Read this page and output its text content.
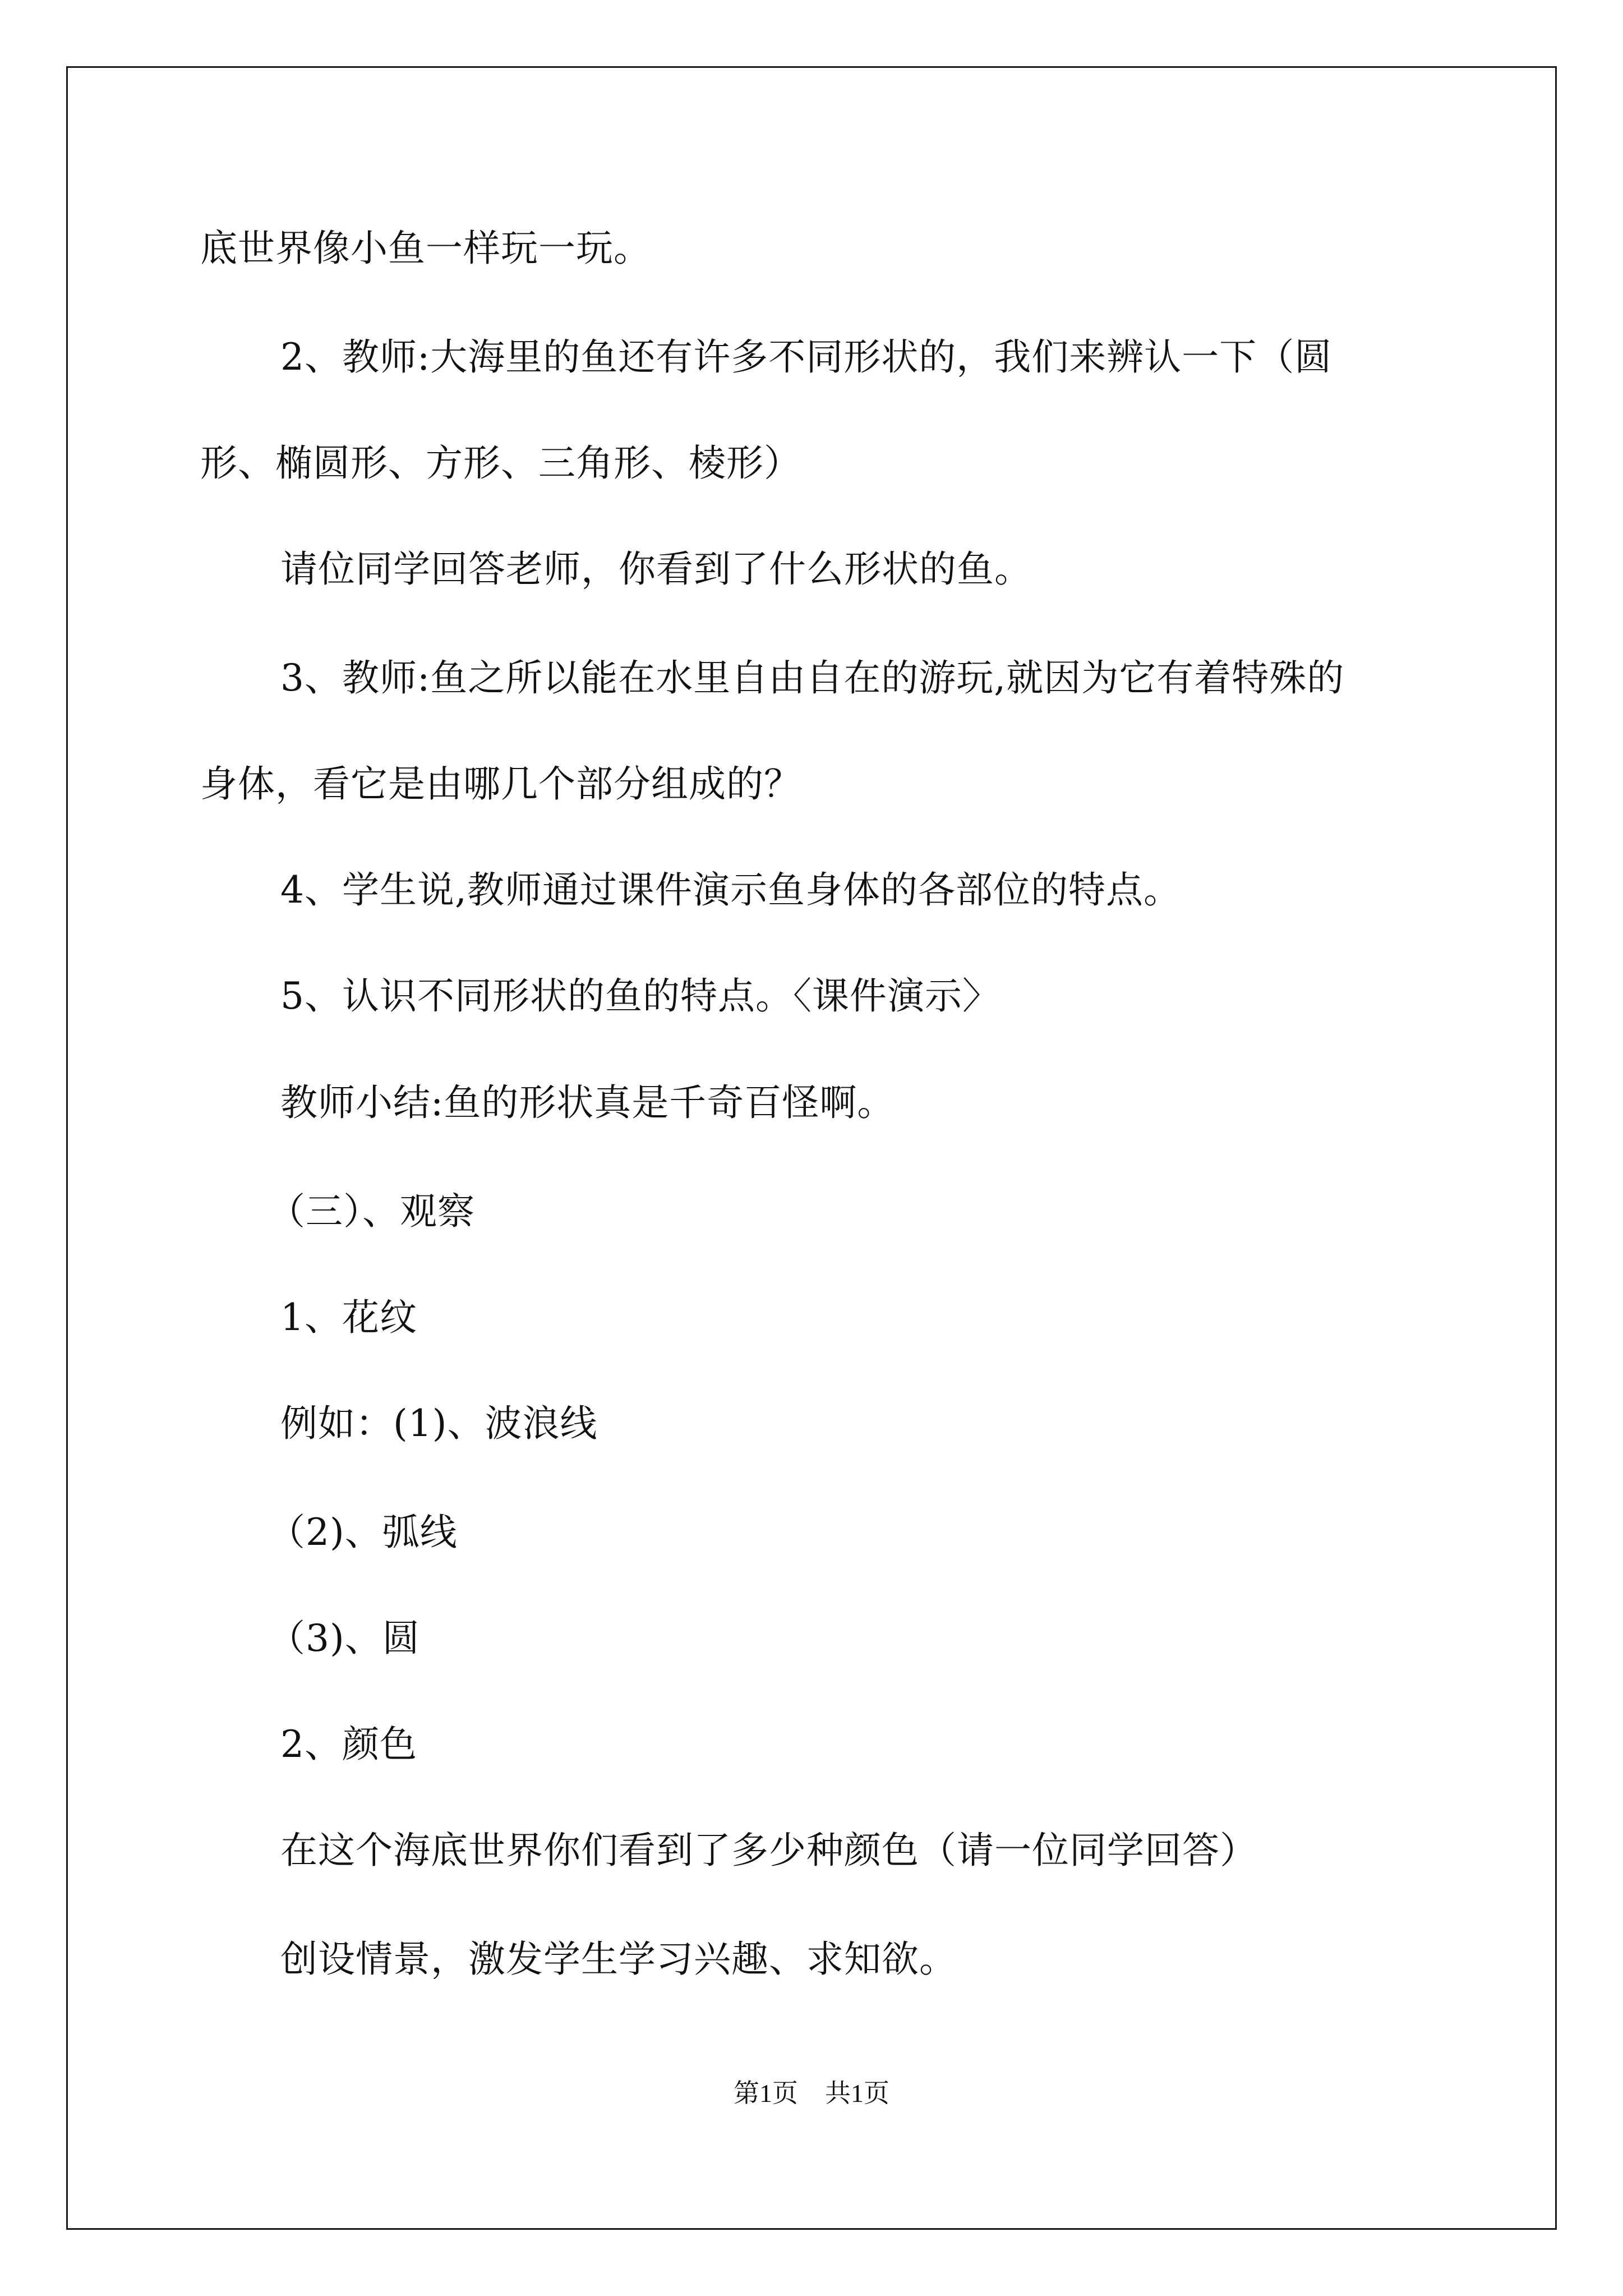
底世界像小鱼一样玩一玩。
2、教师:大海里的鱼还有许多不同形状的，我们来辨认一下（圆
形、椭圆形、方形、三角形、棱形）
请位同学回答老师，你看到了什么形状的鱼。
3、教师:鱼之所以能在水里自由自在的游玩,就因为它有着特殊的
身体，看它是由哪几个部分组成的？
4、学生说,教师通过课件演示鱼身体的各部位的特点。
5、认识不同形状的鱼的特点。〈课件演示〉
教师小结:鱼的形状真是千奇百怪啊。
（三）、观察
1、花纹
例如：(1)、波浪线
（2)、弧线
（3)、圆
2、颜色
在这个海底世界你们看到了多少种颜色（请一位同学回答）
创设情景，激发学生学习兴趣、求知欲。
第1页 共1页
